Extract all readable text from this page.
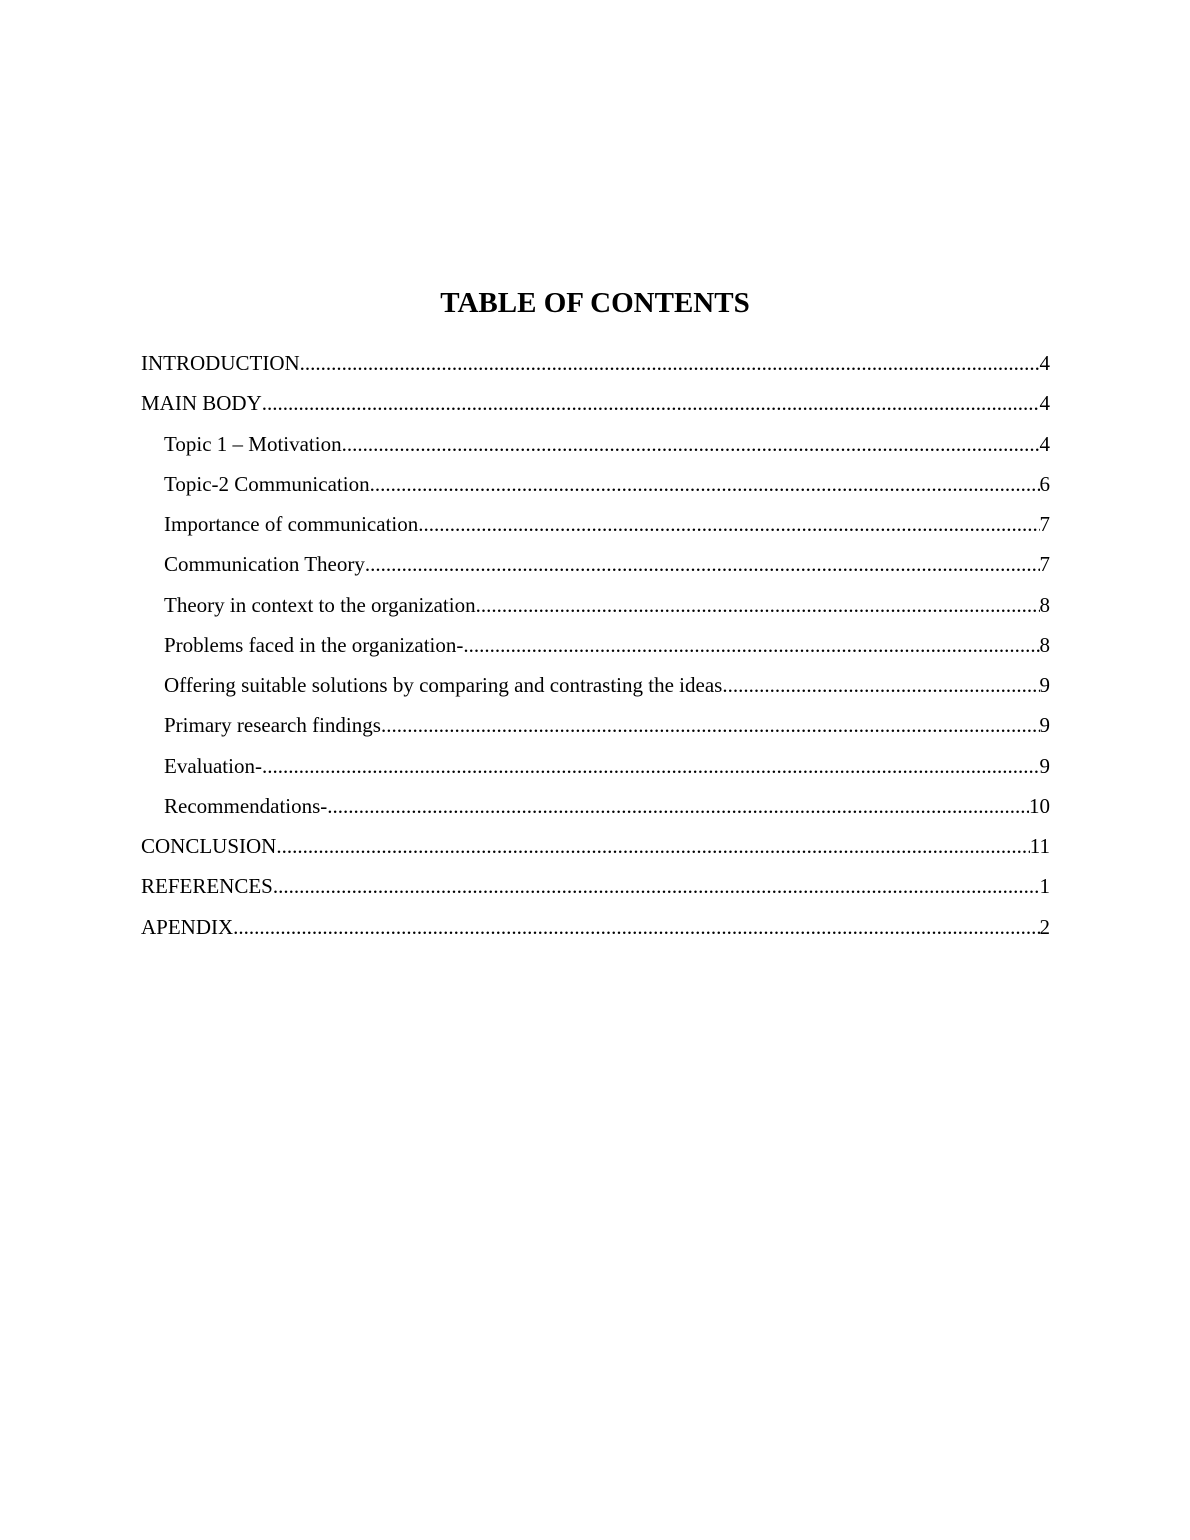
TABLE OF CONTENTS
INTRODUCTION .....	4
MAIN BODY .....	4
Topic 1 – Motivation .....	4
Topic-2 Communication .....	6
Importance of communication .....	7
Communication Theory .....	7
Theory in context to the organization .....	8
Problems faced in the organization- .....	8
Offering suitable solutions by comparing and contrasting the ideas .....	9
Primary research findings .....	9
Evaluation- .....	9
Recommendations- .....	10
CONCLUSION .....	11
REFERENCES .....	1
APENDIX .....	2
